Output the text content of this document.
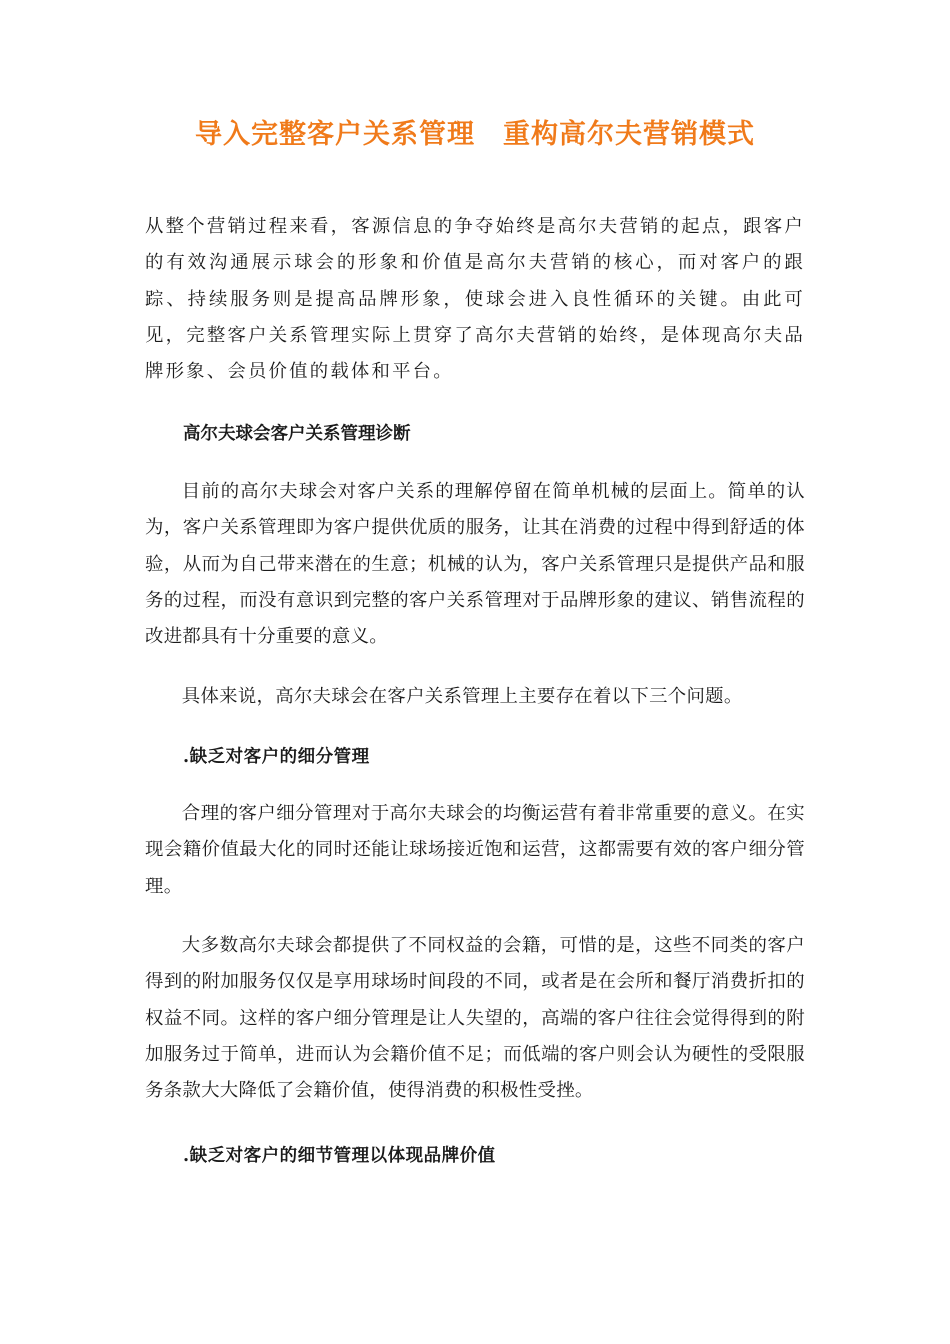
导入完整客户关系管理　重构高尔夫营销模式

从整个营销过程来看，客源信息的争夺始终是高尔夫营销的起点，跟客户的有效沟通展示球会的形象和价值是高尔夫营销的核心，而对客户的跟踪、持续服务则是提高品牌形象，使球会进入良性循环的关键。由此可见，完整客户关系管理实际上贯穿了高尔夫营销的始终，是体现高尔夫品牌形象、会员价值的载体和平台。

高尔夫球会客户关系管理诊断

目前的高尔夫球会对客户关系的理解停留在简单机械的层面上。简单的认为，客户关系管理即为客户提供优质的服务，让其在消费的过程中得到舒适的体验，从而为自己带来潜在的生意；机械的认为，客户关系管理只是提供产品和服务的过程，而没有意识到完整的客户关系管理对于品牌形象的建议、销售流程的改进都具有十分重要的意义。

具体来说，高尔夫球会在客户关系管理上主要存在着以下三个问题。

.缺乏对客户的细分管理

合理的客户细分管理对于高尔夫球会的均衡运营有着非常重要的意义。在实现会籍价值最大化的同时还能让球场接近饱和运营，这都需要有效的客户细分管理。

大多数高尔夫球会都提供了不同权益的会籍，可惜的是，这些不同类的客户得到的附加服务仅仅是享用球场时间段的不同，或者是在会所和餐厅消费折扣的权益不同。这样的客户细分管理是让人失望的，高端的客户往往会觉得得到的附加服务过于简单，进而认为会籍价值不足；而低端的客户则会认为硬性的受限服务条款大大降低了会籍价值，使得消费的积极性受挫。

.缺乏对客户的细节管理以体现品牌价值
